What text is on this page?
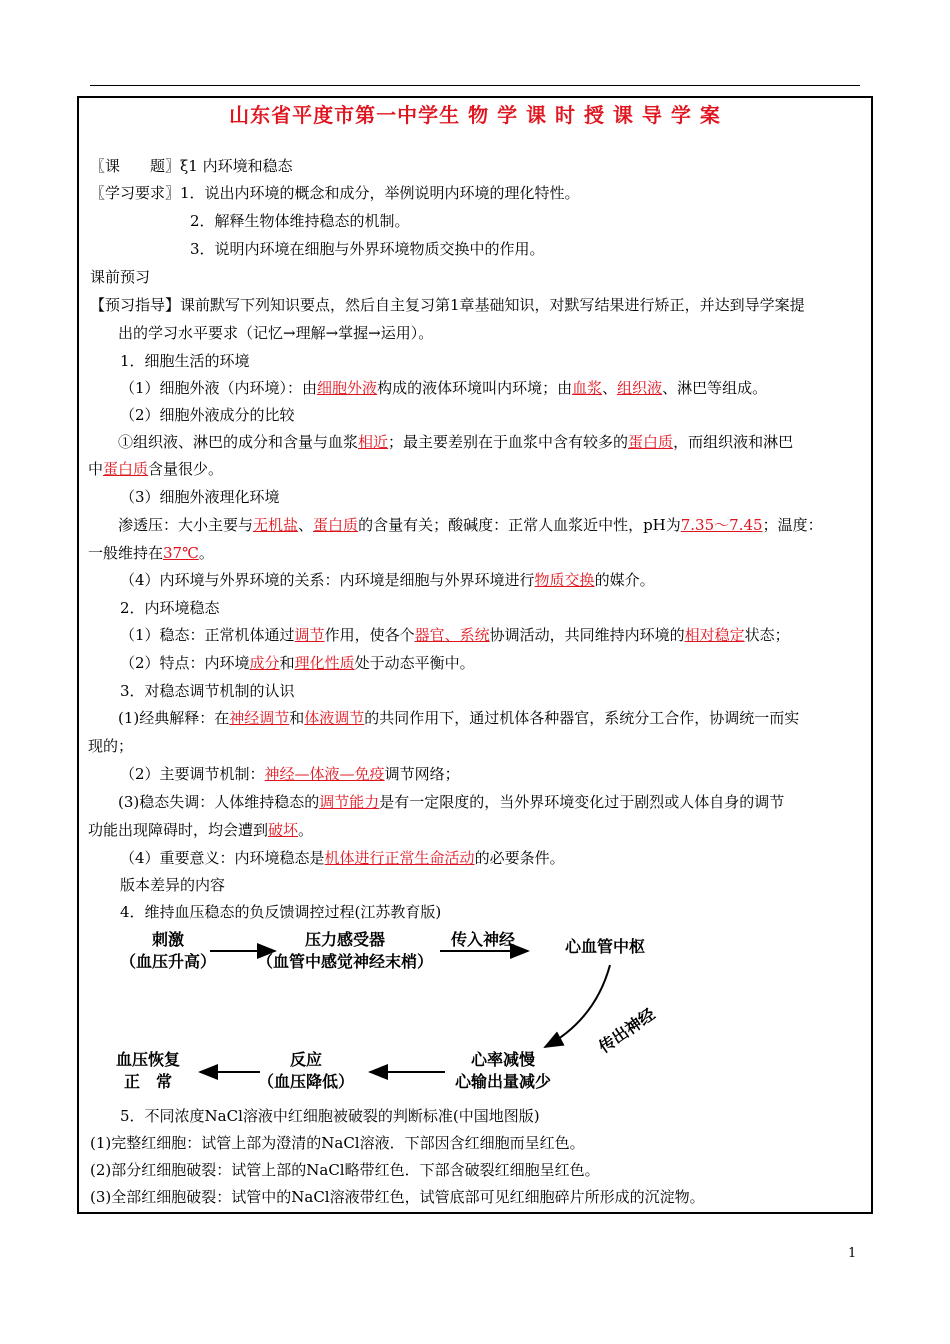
山东省平度市第一中学生 物 学 课 时 授 课 导 学 案
〖课　　题〗ξ1 内环境和稳态
〖学习要求〗1．说出内环境的概念和成分，举例说明内环境的理化特性。
2．解释生物体维持稳态的机制。
3．说明内环境在细胞与外界环境物质交换中的作用。
课前预习
【预习指导】课前默写下列知识要点，然后自主复习第1章基础知识，对默写结果进行矫正，并达到导学案提
出的学习水平要求（记忆→理解→掌握→运用）。
1．细胞生活的环境
（1）细胞外液（内环境）：由细胞外液构成的液体环境叫内环境；由血浆、组织液、淋巴等组成。
（2）细胞外液成分的比较
①组织液、淋巴的成分和含量与血浆相近；最主要差别在于血浆中含有较多的蛋白质，而组织液和淋巴
中蛋白质含量很少。
（3）细胞外液理化环境
渗透压：大小主要与无机盐、蛋白质的含量有关；酸碱度：正常人血浆近中性，pH为7.35～7.45；温度：
一般维持在37℃。
（4）内环境与外界环境的关系：内环境是细胞与外界环境进行物质交换的媒介。
2．内环境稳态
（1）稳态：正常机体通过调节作用，使各个器官、系统协调活动，共同维持内环境的相对稳定状态；
（2）特点：内环境成分和理化性质处于动态平衡中。
3．对稳态调节机制的认识
(1)经典解释：在神经调节和体液调节的共同作用下，通过机体各种器官，系统分工合作，协调统一而实
现的；
（2）主要调节机制：神经—体液—免疫调节网络；
(3)稳态失调：人体维持稳态的调节能力是有一定限度的，当外界环境变化过于剧烈或人体自身的调节
功能出现障碍时，均会遭到破坏。
（4）重要意义：内环境稳态是机体进行正常生命活动的必要条件。
版本差异的内容
4．维持血压稳态的负反馈调控过程(江苏教育版)
刺激
（血压升高）
压力感受器
（血管中感觉神经末梢）
传入神经	心血管中枢
传出神经
心率减慢
心输出量减少
反应
（血压降低）
血压恢复
正　常
5．不同浓度NaCl溶液中红细胞被破裂的判断标准(中国地图版)
(1)完整红细胞：试管上部为澄清的NaCl溶液．下部因含红细胞而呈红色。
(2)部分红细胞破裂：试管上部的NaCl略带红色．下部含破裂红细胞呈红色。
(3)全部红细胞破裂：试管中的NaCl溶液带红色，试管底部可见红细胞碎片所形成的沉淀物。
1
